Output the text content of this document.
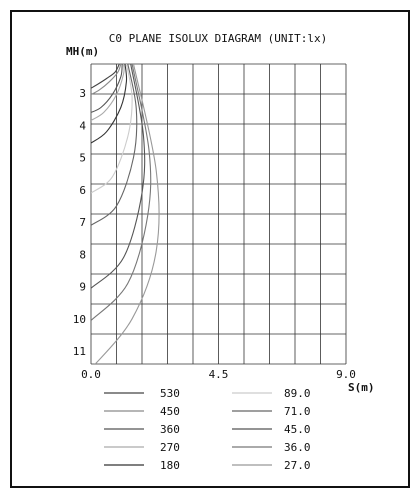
C0 PLANE ISOLUX DIAGRAM (UNIT:lx)
MH(m)
S(m)
3
4
5
6
7
8
9
10
11
0.0	4.5	9.0
530
450
360
270
180
89.0
71.0
45.0
36.0
27.0
